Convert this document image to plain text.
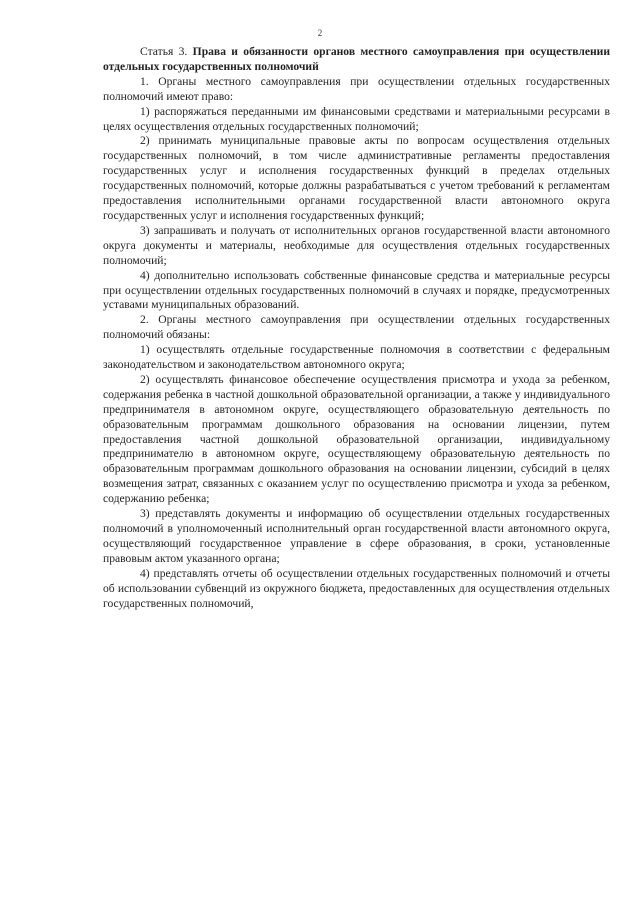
2

Статья 3. Права и обязанности органов местного самоуправления при осуществлении отдельных государственных полномочий

1. Органы местного самоуправления при осуществлении отдельных государственных полномочий имеют право:

1) распоряжаться переданными им финансовыми средствами и материальными ресурсами в целях осуществления отдельных государственных полномочий;

2) принимать муниципальные правовые акты по вопросам осуществления отдельных государственных полномочий, в том числе административные регламенты предоставления государственных услуг и исполнения государственных функций в пределах отдельных государственных полномочий, которые должны разрабатываться с учетом требований к регламентам предоставления исполнительными органами государственной власти автономного округа государственных услуг и исполнения государственных функций;

3) запрашивать и получать от исполнительных органов государственной власти автономного округа документы и материалы, необходимые для осуществления отдельных государственных полномочий;

4) дополнительно использовать собственные финансовые средства и материальные ресурсы при осуществлении отдельных государственных полномочий в случаях и порядке, предусмотренных уставами муниципальных образований.

2. Органы местного самоуправления при осуществлении отдельных государственных полномочий обязаны:

1) осуществлять отдельные государственные полномочия в соответствии с федеральным законодательством и законодательством автономного округа;

2) осуществлять финансовое обеспечение осуществления присмотра и ухода за ребенком, содержания ребенка в частной дошкольной образовательной организации, а также у индивидуального предпринимателя в автономном округе, осуществляющего образовательную деятельность по образовательным программам дошкольного образования на основании лицензии, путем предоставления частной дошкольной образовательной организации, индивидуальному предпринимателю в автономном округе, осуществляющему образовательную деятельность по образовательным программам дошкольного образования на основании лицензии, субсидий в целях возмещения затрат, связанных с оказанием услуг по осуществлению присмотра и ухода за ребенком, содержанию ребенка;

3) представлять документы и информацию об осуществлении отдельных государственных полномочий в уполномоченный исполнительный орган государственной власти автономного округа, осуществляющий государственное управление в сфере образования, в сроки, установленные правовым актом указанного органа;

4) представлять отчеты об осуществлении отдельных государственных полномочий и отчеты об использовании субвенций из окружного бюджета, предоставленных для осуществления отдельных государственных полномочий,
